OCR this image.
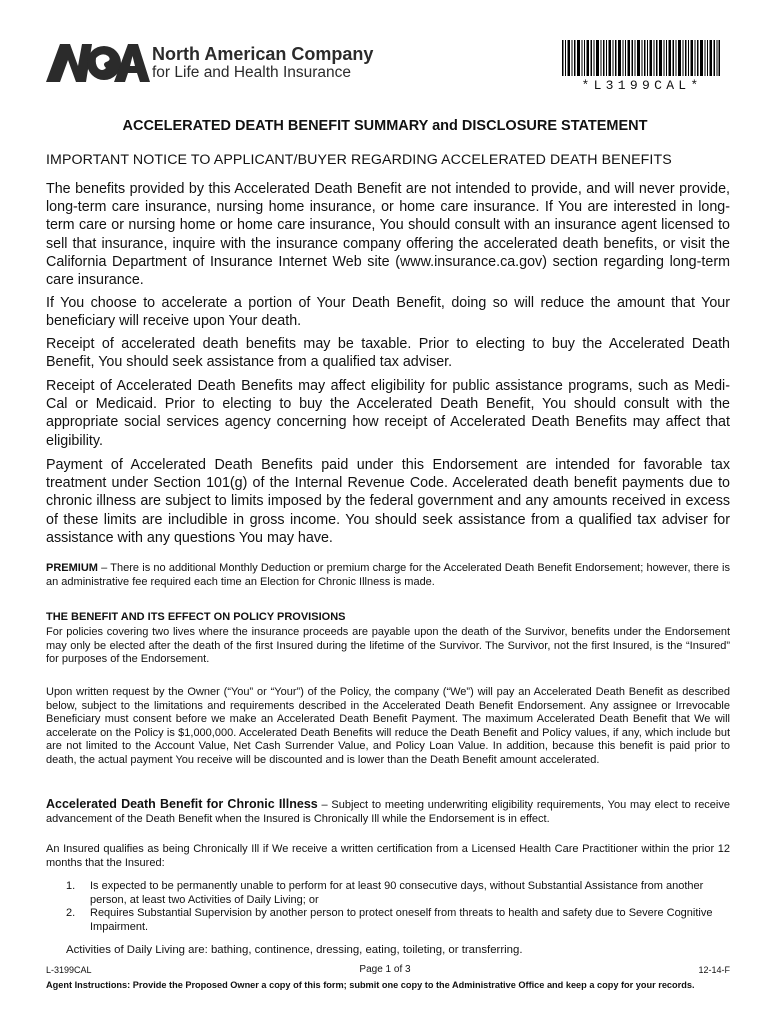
North American Company
for Life and Health Insurance
*L3199CAL*
ACCELERATED DEATH BENEFIT SUMMARY and DISCLOSURE STATEMENT
IMPORTANT NOTICE TO APPLICANT/BUYER REGARDING ACCELERATED DEATH BENEFITS
The benefits provided by this Accelerated Death Benefit are not intended to provide, and will never provide, long-term care insurance, nursing home insurance, or home care insurance. If You are interested in long-term care or nursing home or home care insurance, You should consult with an insurance agent licensed to sell that insurance, inquire with the insurance company offering the accelerated death benefits, or visit the California Department of Insurance Internet Web site (www.insurance.ca.gov) section regarding long-term care insurance.
If You choose to accelerate a portion of Your Death Benefit, doing so will reduce the amount that Your beneficiary will receive upon Your death.
Receipt of accelerated death benefits may be taxable. Prior to electing to buy the Accelerated Death Benefit, You should seek assistance from a qualified tax adviser.
Receipt of Accelerated Death Benefits may affect eligibility for public assistance programs, such as Medi-Cal or Medicaid. Prior to electing to buy the Accelerated Death Benefit, You should consult with the appropriate social services agency concerning how receipt of Accelerated Death Benefits may affect that eligibility.
Payment of Accelerated Death Benefits paid under this Endorsement are intended for favorable tax treatment under Section 101(g) of the Internal Revenue Code. Accelerated death benefit payments due to chronic illness are subject to limits imposed by the federal government and any amounts received in excess of these limits are includible in gross income. You should seek assistance from a qualified tax adviser for assistance with any questions You may have.
PREMIUM – There is no additional Monthly Deduction or premium charge for the Accelerated Death Benefit Endorsement; however, there is an administrative fee required each time an Election for Chronic Illness is made.
THE BENEFIT AND ITS EFFECT ON POLICY PROVISIONS
For policies covering two lives where the insurance proceeds are payable upon the death of the Survivor, benefits under the Endorsement may only be elected after the death of the first Insured during the lifetime of the Survivor. The Survivor, not the first Insured, is the “Insured” for purposes of the Endorsement.
Upon written request by the Owner (“You” or “Your”) of the Policy, the company (“We”) will pay an Accelerated Death Benefit as described below, subject to the limitations and requirements described in the Accelerated Death Benefit Endorsement. Any assignee or Irrevocable Beneficiary must consent before we make an Accelerated Death Benefit Payment. The maximum Accelerated Death Benefit that We will accelerate on the Policy is $1,000,000. Accelerated Death Benefits will reduce the Death Benefit and Policy values, if any, which include but are not limited to the Account Value, Net Cash Surrender Value, and Policy Loan Value. In addition, because this benefit is paid prior to death, the actual payment You receive will be discounted and is lower than the Death Benefit amount accelerated.
Accelerated Death Benefit for Chronic Illness – Subject to meeting underwriting eligibility requirements, You may elect to receive advancement of the Death Benefit when the Insured is Chronically Ill while the Endorsement is in effect.
An Insured qualifies as being Chronically Ill if We receive a written certification from a Licensed Health Care Practitioner within the prior 12 months that the Insured:
1. Is expected to be permanently unable to perform for at least 90 consecutive days, without Substantial Assistance from another person, at least two Activities of Daily Living; or
2. Requires Substantial Supervision by another person to protect oneself from threats to health and safety due to Severe Cognitive Impairment.
Activities of Daily Living are: bathing, continence, dressing, eating, toileting, or transferring.
L-3199CAL	Page 1 of 3	12-14-F
Agent Instructions: Provide the Proposed Owner a copy of this form; submit one copy to the Administrative Office and keep a copy for your records.
